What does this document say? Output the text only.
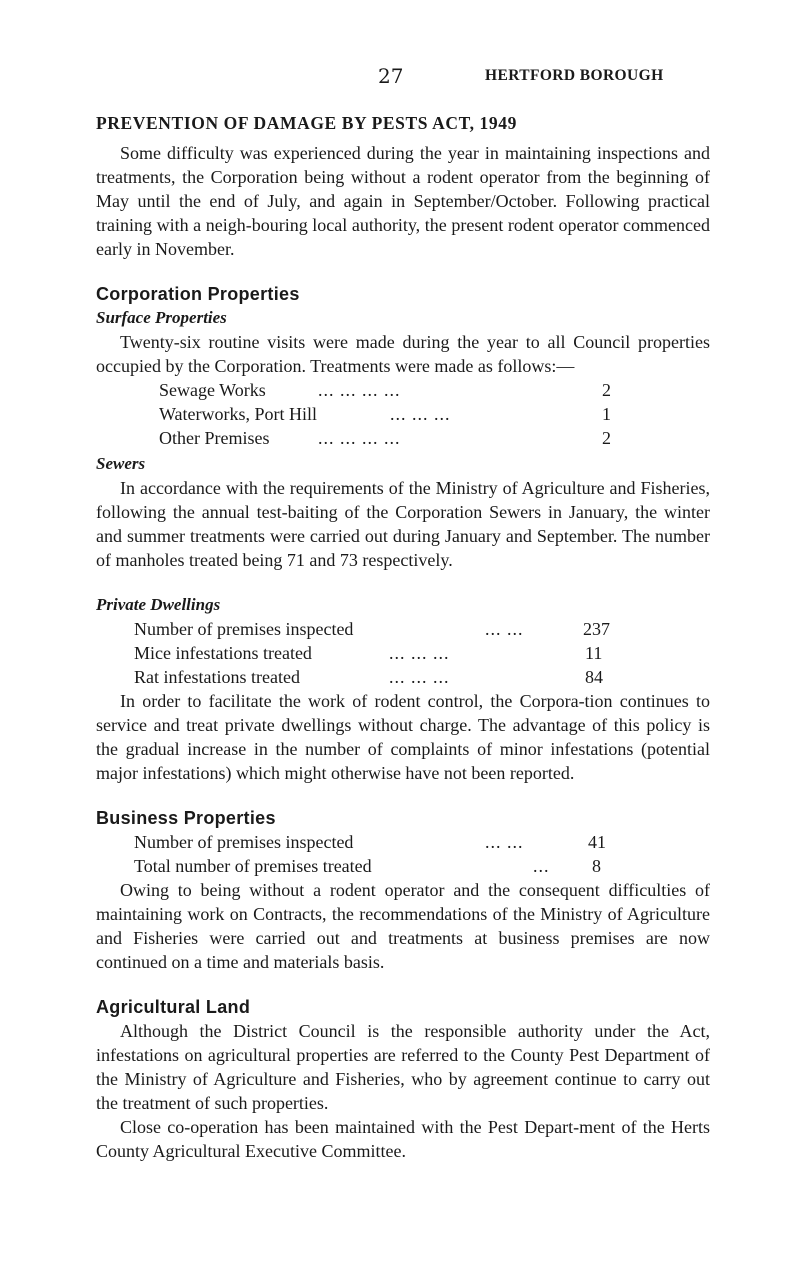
27	HERTFORD BOROUGH
PREVENTION OF DAMAGE BY PESTS ACT, 1949

Some difficulty was experienced during the year in maintaining inspections and treatments, the Corporation being without a rodent operator from the beginning of May until the end of July, and again in September/October. Following practical training with a neigh-bouring local authority, the present rodent operator commenced early in November.

Corporation Properties
Surface Properties

Twenty-six routine visits were made during the year to all Council properties occupied by the Corporation. Treatments were made as follows:—

Sewage Works	... ... ... ...	2
Waterworks, Port Hill	... ... ...	1
Other Premises	... ... ... ...	2
Sewers

In accordance with the requirements of the Ministry of Agriculture and Fisheries, following the annual test-baiting of the Corporation Sewers in January, the winter and summer treatments were carried out during January and September. The number of manholes treated being 71 and 73 respectively.

Private Dwellings
Number of premises inspected	... ...	237
Mice infestations treated	... ... ...	11
Rat infestations treated	... ... ...	84

In order to facilitate the work of rodent control, the Corpora-tion continues to service and treat private dwellings without charge. The advantage of this policy is the gradual increase in the number of complaints of minor infestations (potential major infestations) which might otherwise have not been reported.

Business Properties
Number of premises inspected	... ...	41
Total number of premises treated	... 8

Owing to being without a rodent operator and the consequent difficulties of maintaining work on Contracts, the recommendations of the Ministry of Agriculture and Fisheries were carried out and treatments at business premises are now continued on a time and materials basis.

Agricultural Land

Although the District Council is the responsible authority under the Act, infestations on agricultural properties are referred to the County Pest Department of the Ministry of Agriculture and Fisheries, who by agreement continue to carry out the treatment of such properties.

Close co-operation has been maintained with the Pest Depart-ment of the Herts County Agricultural Executive Committee.
